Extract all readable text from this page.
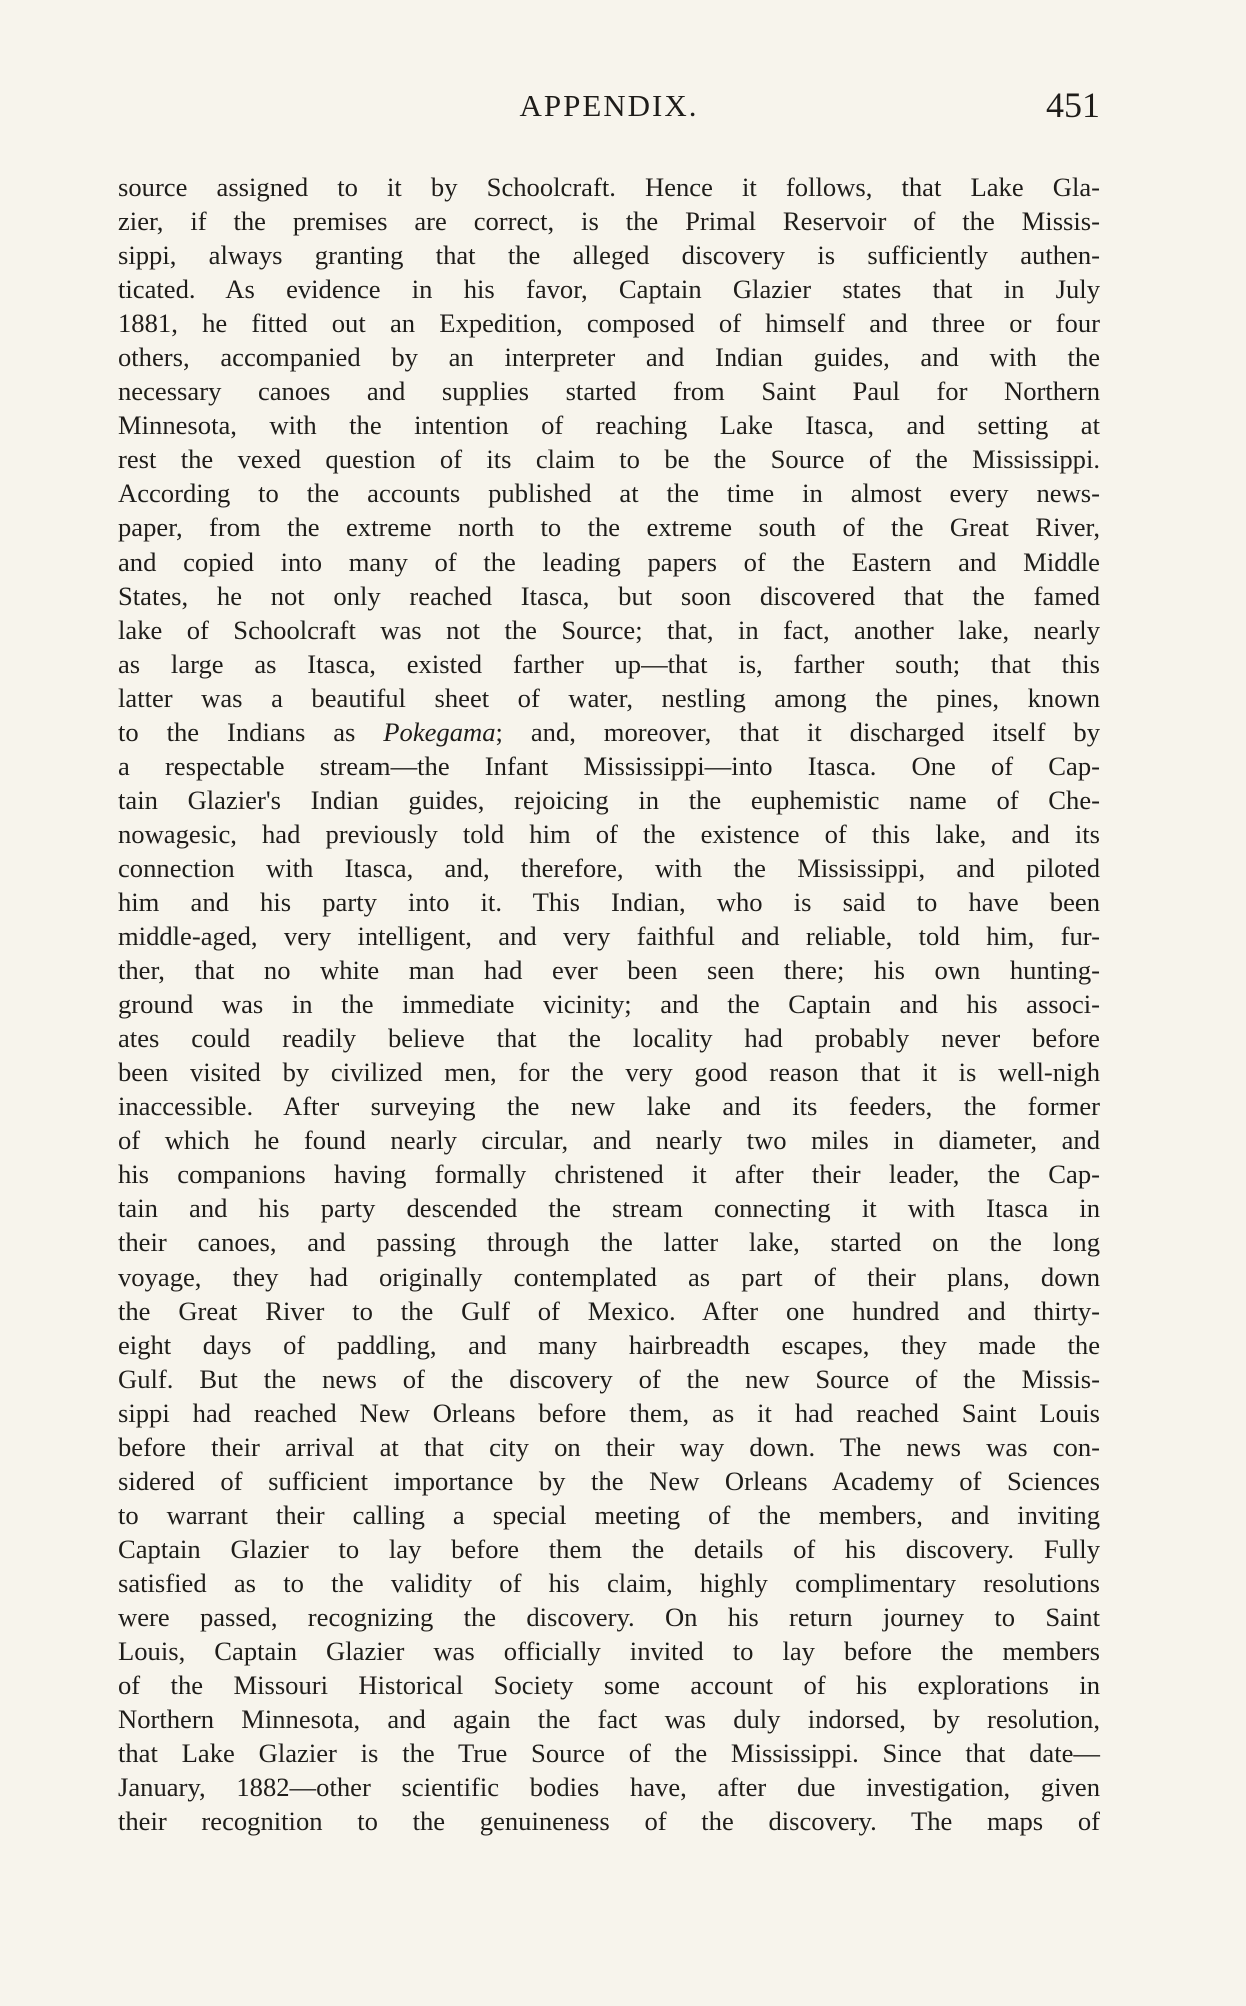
APPENDIX.	451
source assigned to it by Schoolcraft. Hence it follows, that Lake Gla-
zier, if the premises are correct, is the Primal Reservoir of the Missis-
sippi, always granting that the alleged discovery is sufficiently authen-
ticated. As evidence in his favor, Captain Glazier states that in July
1881, he fitted out an Expedition, composed of himself and three or four
others, accompanied by an interpreter and Indian guides, and with the
necessary canoes and supplies started from Saint Paul for Northern
Minnesota, with the intention of reaching Lake Itasca, and setting at
rest the vexed question of its claim to be the Source of the Mississippi.
According to the accounts published at the time in almost every news-
paper, from the extreme north to the extreme south of the Great River,
and copied into many of the leading papers of the Eastern and Middle
States, he not only reached Itasca, but soon discovered that the famed
lake of Schoolcraft was not the Source; that, in fact, another lake, nearly
as large as Itasca, existed farther up—that is, farther south; that this
latter was a beautiful sheet of water, nestling among the pines, known
to the Indians as Pokegama; and, moreover, that it discharged itself by
a respectable stream—the Infant Mississippi—into Itasca. One of Cap-
tain Glazier's Indian guides, rejoicing in the euphemistic name of Che-
nowagesic, had previously told him of the existence of this lake, and its
connection with Itasca, and, therefore, with the Mississippi, and piloted
him and his party into it. This Indian, who is said to have been
middle-aged, very intelligent, and very faithful and reliable, told him, fur-
ther, that no white man had ever been seen there; his own hunting-
ground was in the immediate vicinity; and the Captain and his associ-
ates could readily believe that the locality had probably never before
been visited by civilized men, for the very good reason that it is well-nigh
inaccessible. After surveying the new lake and its feeders, the former
of which he found nearly circular, and nearly two miles in diameter, and
his companions having formally christened it after their leader, the Cap-
tain and his party descended the stream connecting it with Itasca in
their canoes, and passing through the latter lake, started on the long
voyage, they had originally contemplated as part of their plans, down
the Great River to the Gulf of Mexico. After one hundred and thirty-
eight days of paddling, and many hairbreadth escapes, they made the
Gulf. But the news of the discovery of the new Source of the Missis-
sippi had reached New Orleans before them, as it had reached Saint Louis
before their arrival at that city on their way down. The news was con-
sidered of sufficient importance by the New Orleans Academy of Sciences
to warrant their calling a special meeting of the members, and inviting
Captain Glazier to lay before them the details of his discovery. Fully
satisfied as to the validity of his claim, highly complimentary resolutions
were passed, recognizing the discovery. On his return journey to Saint
Louis, Captain Glazier was officially invited to lay before the members
of the Missouri Historical Society some account of his explorations in
Northern Minnesota, and again the fact was duly indorsed, by resolution,
that Lake Glazier is the True Source of the Mississippi. Since that date—
January, 1882—other scientific bodies have, after due investigation, given
their recognition to the genuineness of the discovery. The maps of
